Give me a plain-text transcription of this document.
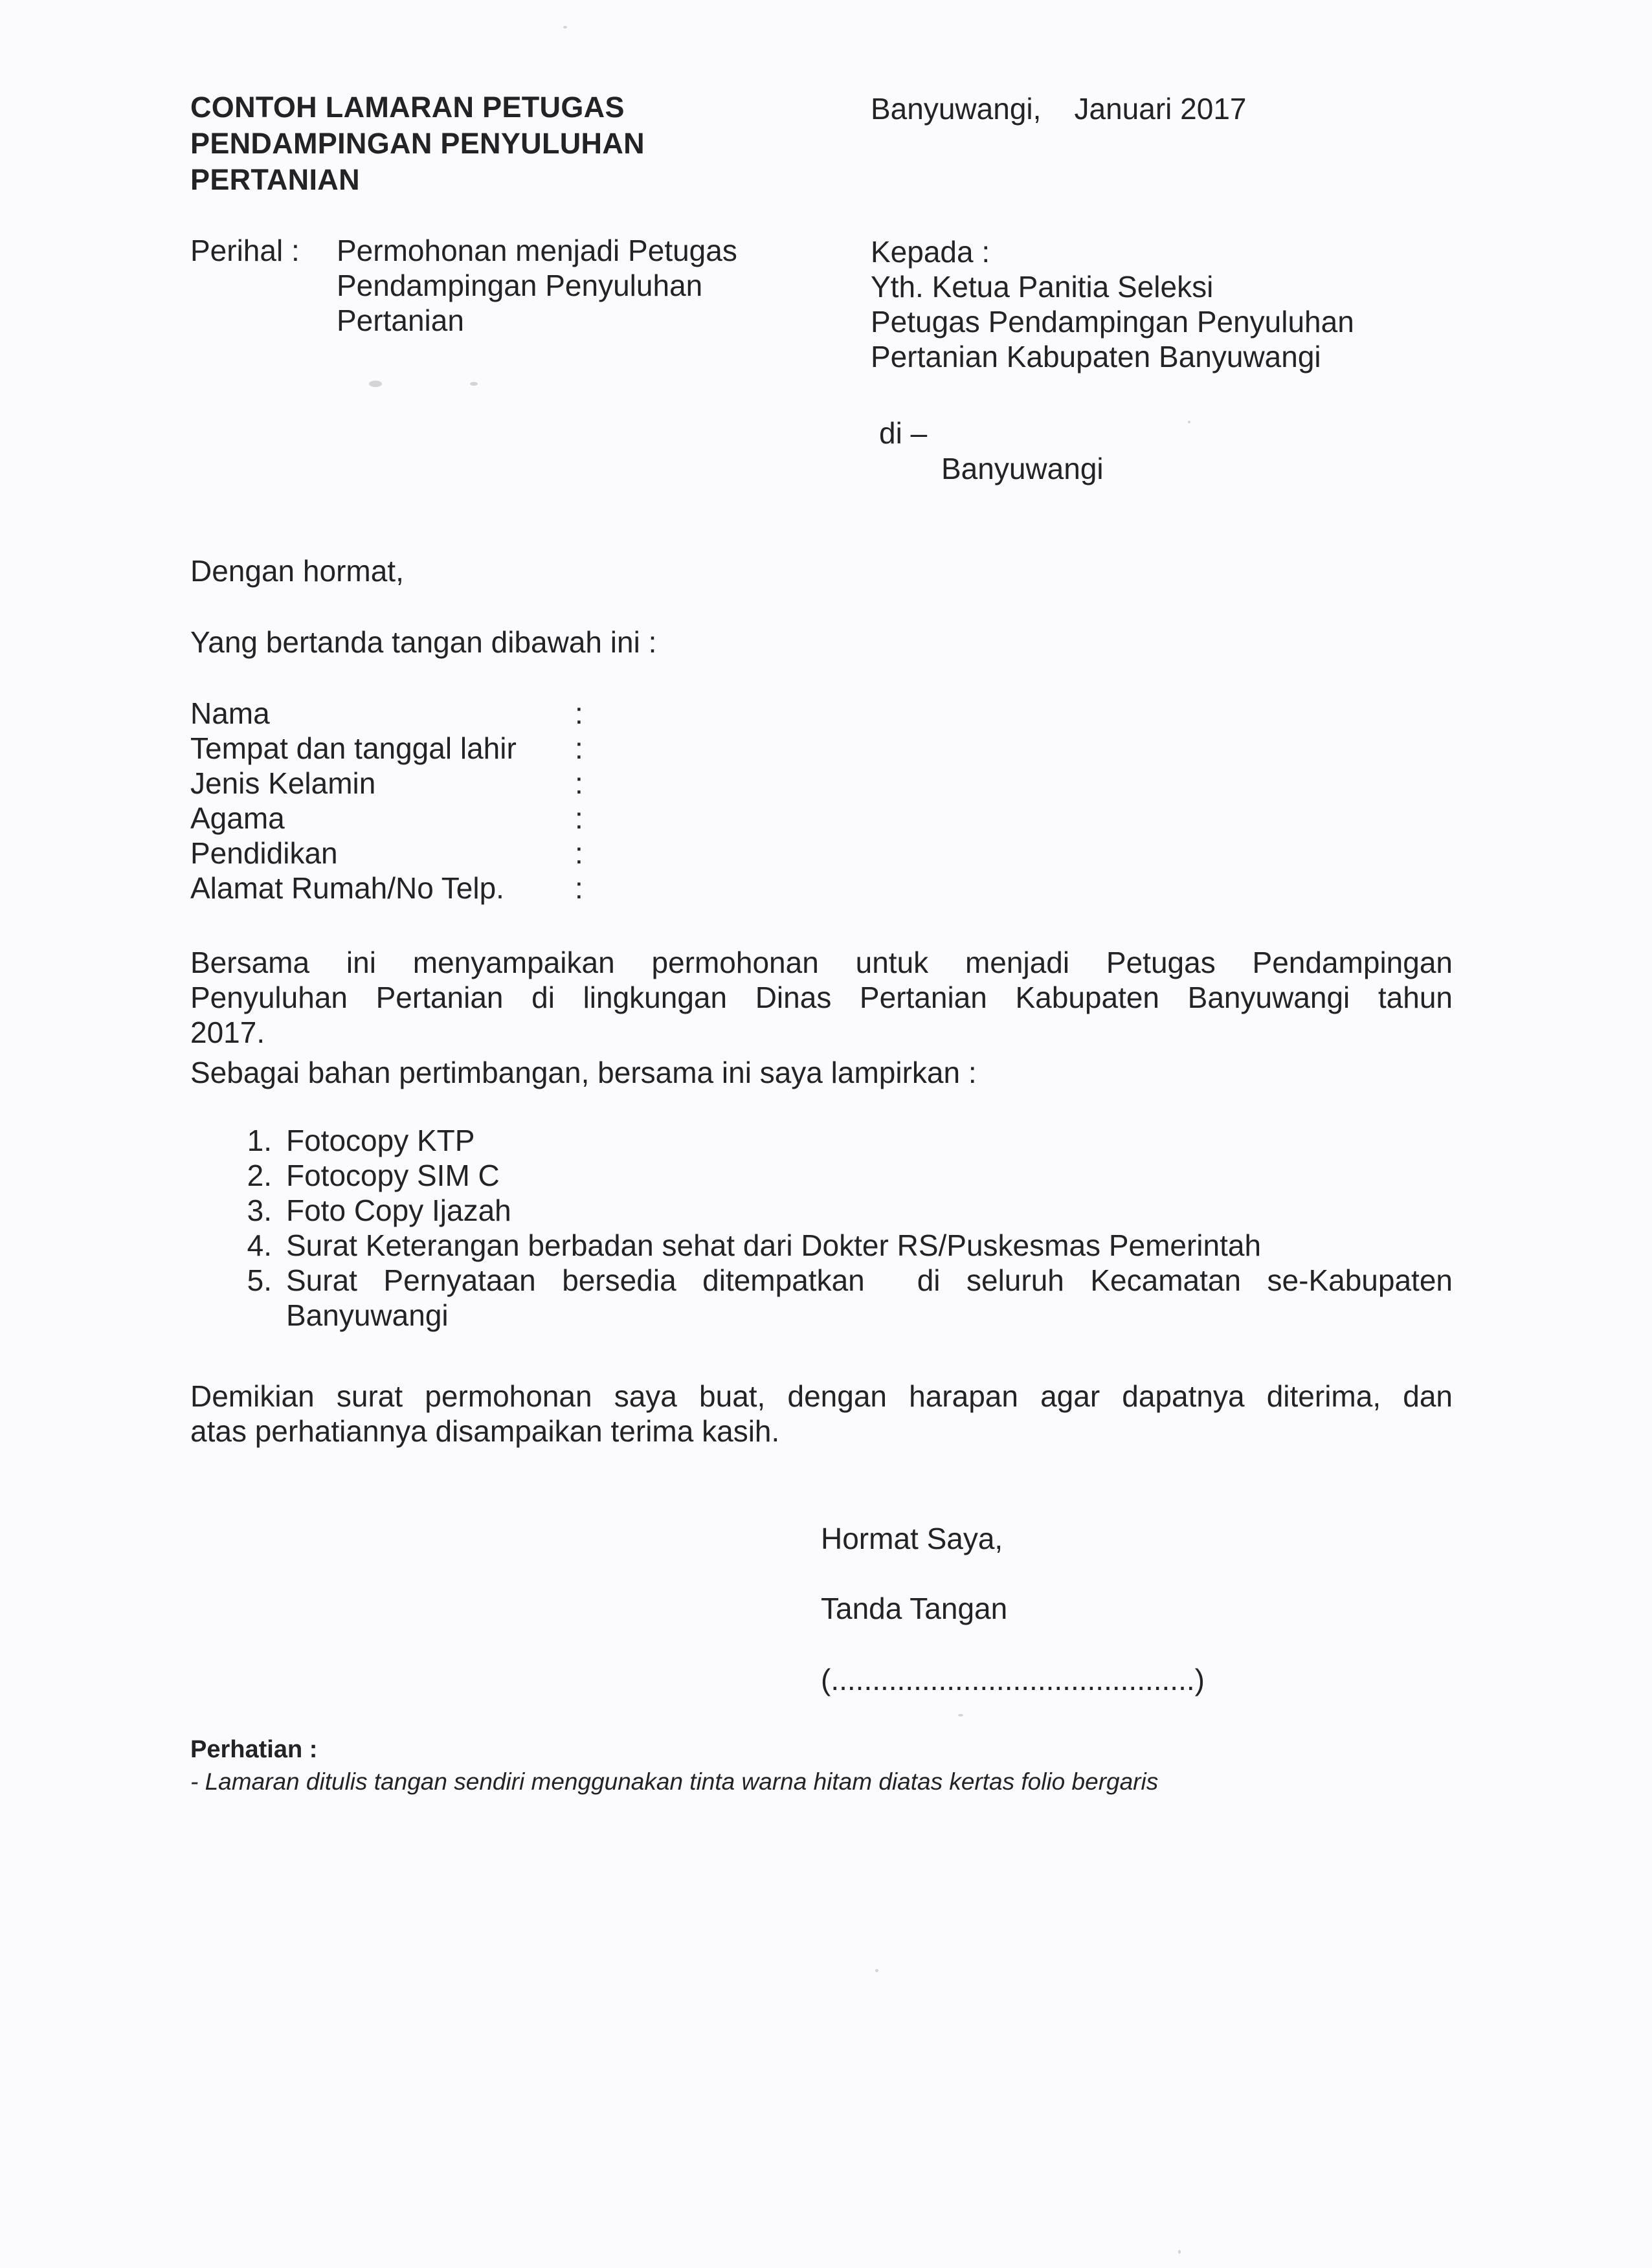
CONTOH LAMARAN PETUGAS
PENDAMPINGAN PENYULUHAN
PERTANIAN
Banyuwangi,    Januari 2017
Perihal : Permohonan menjadi Petugas
Pendampingan Penyuluhan
Pertanian
Kepada :
Yth. Ketua Panitia Seleksi
Petugas Pendampingan Penyuluhan
Pertanian Kabupaten Banyuwangi
di –
Banyuwangi
Dengan hormat,
Yang bertanda tangan dibawah ini :
Nama
Tempat dan tanggal lahir
Jenis Kelamin
Agama
Pendidikan
Alamat Rumah/No Telp.
:
:
:
:
:
:
Bersama ini menyampaikan permohonan untuk menjadi Petugas Pendampingan
Penyuluhan Pertanian di lingkungan Dinas Pertanian Kabupaten Banyuwangi tahun
2017.
Sebagai bahan pertimbangan, bersama ini saya lampirkan :
1. Fotocopy KTP
2. Fotocopy SIM C
3. Foto Copy Ijazah
4. Surat Keterangan berbadan sehat dari Dokter RS/Puskesmas Pemerintah
5. Surat Pernyataan bersedia ditempatkan  di seluruh Kecamatan se-Kabupaten
Banyuwangi
Demikian surat permohonan saya buat, dengan harapan agar dapatnya diterima, dan
atas perhatiannya disampaikan terima kasih.
Hormat Saya,
Tanda Tangan
(............................................)
Perhatian :
- Lamaran ditulis tangan sendiri menggunakan tinta warna hitam diatas kertas folio bergaris
